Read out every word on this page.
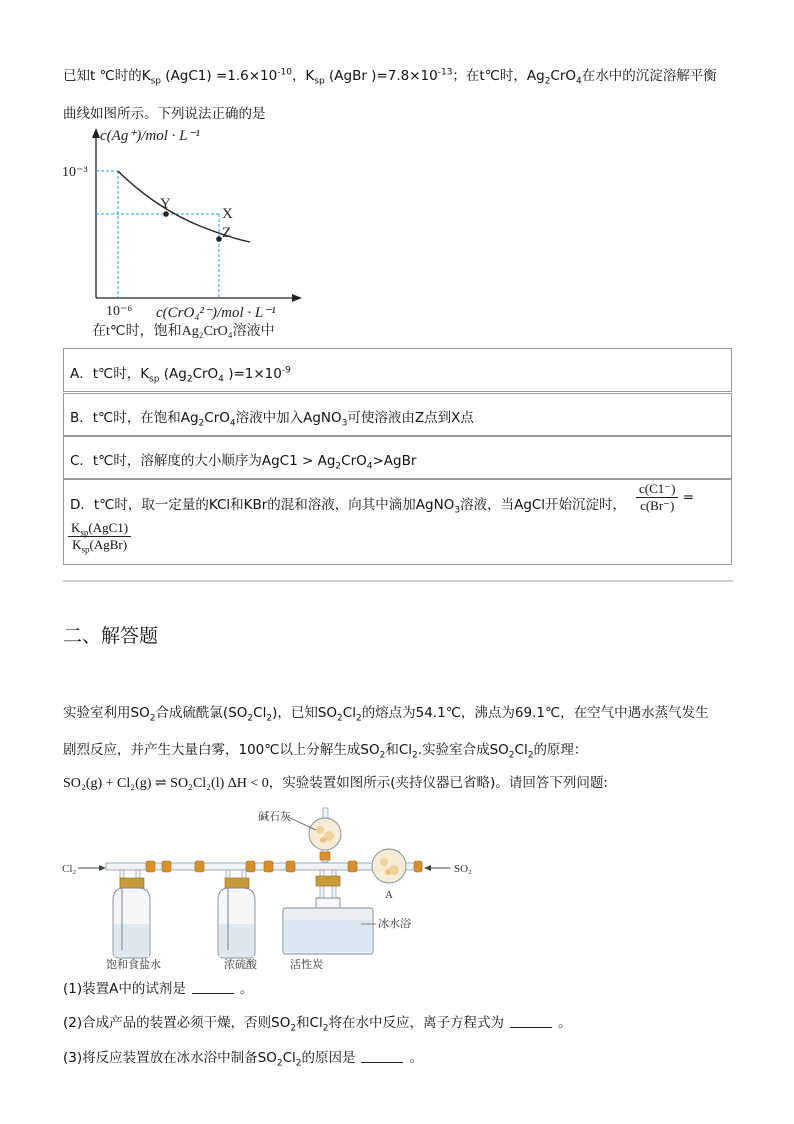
已知t ℃时的$K_{sp}$ $(AgC1) =1.6\times 10^{-10}$，$K_{sp}$ (AgBr )$=7.8\times 10^{-13}$；在t℃时，$Ag_2CrO_4$在水中的沉淀溶解平衡
曲线如图所示。下列说法正确的是
c(Ag⁺)/mol · L⁻¹
10⁻³
10⁻⁶ c(CrO₄²⁻)/mol · L⁻¹
Y
X
Z
在t℃时，饱和Ag₂CrO₄溶液中
A．t℃时，$K_{sp}$ ($Ag_2CrO_4$ )$=1\times 10^{-9}$
B．t℃时，在饱和$Ag_2CrO_4$溶液中加入AgNO$_3$可使溶液由Z点到X点
C．t℃时，溶解度的大小顺序为$AgC1 > Ag_2CrO_4>AgBr$
D．t℃时，取一定量的KCl和KBr的混和溶液，向其中滴加AgNO$_3$溶液，当AgCl开始沉淀时， $\frac{c(C1^-)}{c(Br^-)}$ =
$\frac{K_{sp}(AgC1)}{K_{sp}(AgBr)}$
二、解答题
实验室利用$SO_2$合成硫酰氯$(SO_2Cl_2)$，已知$SO_2Cl_2$的熔点为54.1℃，沸点为69.1℃，在空气中遇水蒸气发生
剧烈反应，并产生大量白雾，100℃以上分解生成$SO_2$和$Cl_2$.实验室合成$SO_2Cl_2$的原理：
SO₂(g) + Cl₂(g) ⇌ SO₂Cl₂(l) ΔH < 0，实验装置如图所示(夹持仪器已省略)。请回答下列问题:
Cl₂
饱和食盐水	浓硫酸
碱石灰
冰水浴
活性炭
A
SO₂
(1)装置A中的试剂是	。
(2)合成产品的装置必须干燥，否则$SO_2$和$Cl_2$将在水中反应，离子方程式为	。
(3)将反应装置放在冰水浴中制备$SO_2Cl_2$的原因是	。
